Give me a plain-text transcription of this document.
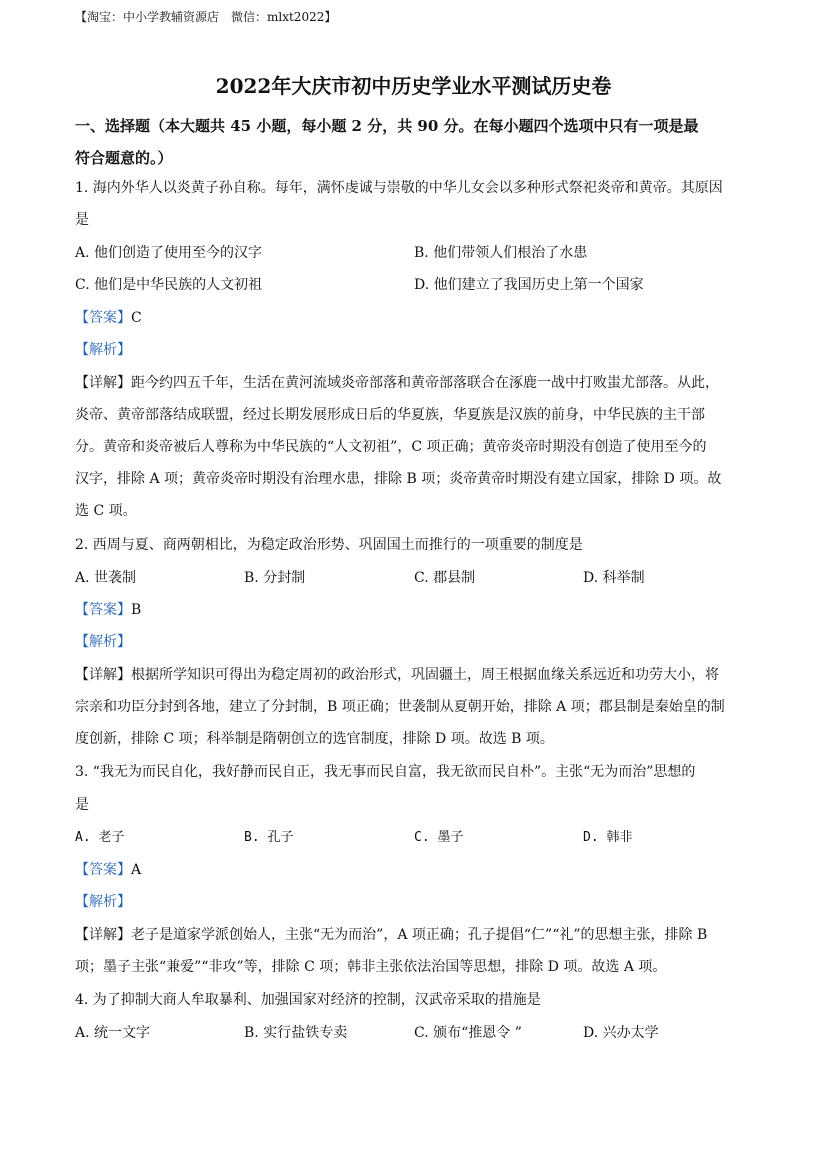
【淘宝：中小学教辅资源店　微信：mlxt2022】
2022年大庆市初中历史学业水平测试历史卷
一、选择题（本大题共 45 小题，每小题 2 分，共 90 分。在每小题四个选项中只有一项是最
符合题意的。）
1. 海内外华人以炎黄子孙自称。每年，满怀虔诚与崇敬的中华儿女会以多种形式祭祀炎帝和黄帝。其原因
是
A. 他们创造了使用至今的汉字	B. 他们带领人们根治了水患
C. 他们是中华民族的人文初祖	D. 他们建立了我国历史上第一个国家
【答案】C
【解析】
【详解】距今约四五千年，生活在黄河流域炎帝部落和黄帝部落联合在涿鹿一战中打败蚩尤部落。从此，
炎帝、黄帝部落结成联盟，经过长期发展形成日后的华夏族，华夏族是汉族的前身，中华民族的主干部
分。黄帝和炎帝被后人尊称为中华民族的“人文初祖”，C 项正确；黄帝炎帝时期没有创造了使用至今的
汉字，排除 A 项；黄帝炎帝时期没有治理水患，排除 B 项；炎帝黄帝时期没有建立国家，排除 D 项。故
选 C 项。
2. 西周与夏、商两朝相比，为稳定政治形势、巩固国土而推行的一项重要的制度是
A. 世袭制	B. 分封制	C. 郡县制	D. 科举制
【答案】B
【解析】
【详解】根据所学知识可得出为稳定周初的政治形式，巩固疆土，周王根据血缘关系远近和功劳大小，将
宗亲和功臣分封到各地，建立了分封制，B 项正确；世袭制从夏朝开始，排除 A 项；郡县制是秦始皇的制
度创新，排除 C 项；科举制是隋朝创立的选官制度，排除 D 项。故选 B 项。
3. “我无为而民自化，我好静而民自正，我无事而民自富，我无欲而民自朴”。主张“无为而治”思想的
是
A. 老子	B. 孔子	C. 墨子	D. 韩非
【答案】A
【解析】
【详解】老子是道家学派创始人，主张“无为而治”，A 项正确；孔子提倡“仁”“礼”的思想主张，排除 B
项；墨子主张“兼爱”“非攻”等，排除 C 项；韩非主张依法治国等思想，排除 D 项。故选 A 项。
4. 为了抑制大商人牟取暴利、加强国家对经济的控制，汉武帝采取的措施是
A. 统一文字	B. 实行盐铁专卖	C. 颁布“推恩令 ”	D. 兴办太学
